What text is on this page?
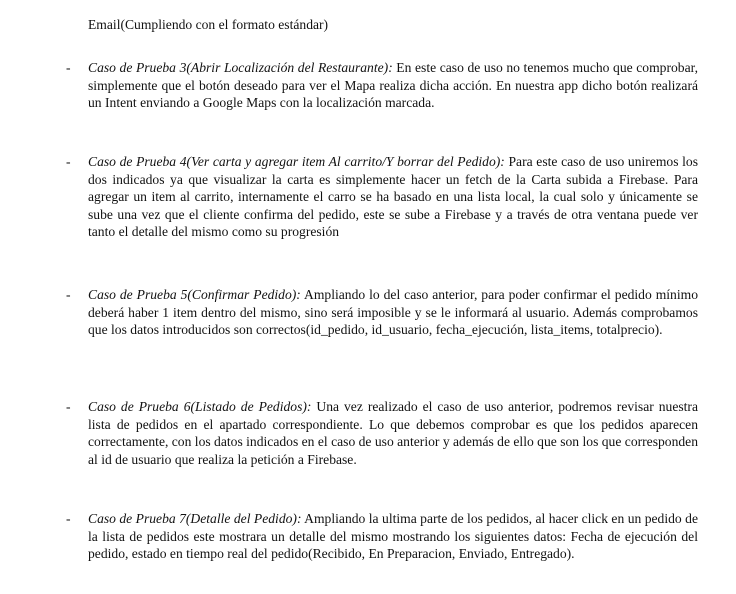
Email(Cumpliendo con el formato estándar)
- Caso de Prueba 3(Abrir Localización del Restaurante): En este caso de uso no tenemos mucho que comprobar, simplemente que el botón deseado para ver el Mapa realiza dicha acción. En nuestra app dicho botón realizará un Intent enviando a Google Maps con la localización marcada.
- Caso de Prueba 4(Ver carta y agregar item Al carrito/Y borrar del Pedido): Para este caso de uso uniremos los dos indicados ya que visualizar la carta es simplemente hacer un fetch de la Carta subida a Firebase. Para agregar un item al carrito, internamente el carro se ha basado en una lista local, la cual solo y únicamente se sube una vez que el cliente confirma del pedido, este se sube a Firebase y a través de otra ventana puede ver tanto el detalle del mismo como su progresión
- Caso de Prueba 5(Confirmar Pedido): Ampliando lo del caso anterior, para poder confirmar el pedido mínimo deberá haber 1 item dentro del mismo, sino será imposible y se le informará al usuario. Además comprobamos que los datos introducidos son correctos(id_pedido, id_usuario, fecha_ejecución, lista_items, totalprecio).
- Caso de Prueba 6(Listado de Pedidos): Una vez realizado el caso de uso anterior, podremos revisar nuestra lista de pedidos en el apartado correspondiente. Lo que debemos comprobar es que los pedidos aparecen correctamente, con los datos indicados en el caso de uso anterior y además de ello que son los que corresponden al id de usuario que realiza la petición a Firebase.
- Caso de Prueba 7(Detalle del Pedido): Ampliando la ultima parte de los pedidos, al hacer click en un pedido de la lista de pedidos este mostrara un detalle del mismo mostrando los siguientes datos: Fecha de ejecución del pedido, estado en tiempo real del pedido(Recibido, En Preparacion, Enviado, Entregado).
